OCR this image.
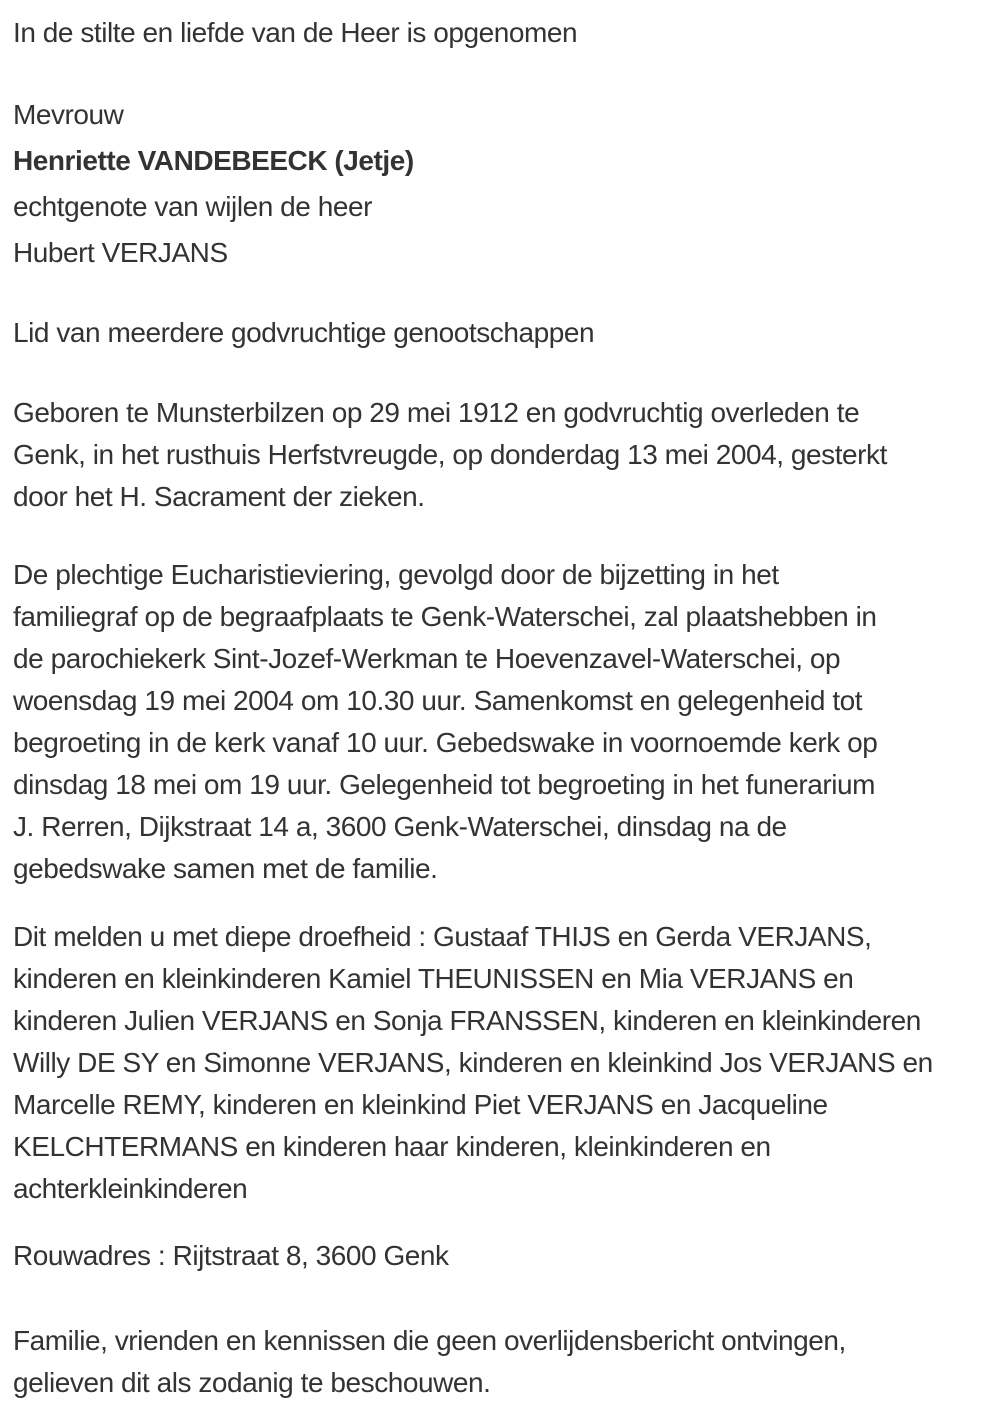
In de stilte en liefde van de Heer is opgenomen

Mevrouw

Henriette VANDEBEECK (Jetje)

echtgenote van wijlen de heer

Hubert VERJANS

Lid van meerdere godvruchtige genootschappen

Geboren te Munsterbilzen op 29 mei 1912 en godvruchtig overleden te
Genk, in het rusthuis Herfstvreugde, op donderdag 13 mei 2004, gesterkt
door het H. Sacrament der zieken.
De plechtige Eucharistieviering, gevolgd door de bijzetting in het
familiegraf op de begraafplaats te Genk-Waterschei, zal plaatshebben in
de parochiekerk Sint-Jozef-Werkman te Hoevenzavel-Waterschei, op
woensdag 19 mei 2004 om 10.30 uur. Samenkomst en gelegenheid tot
begroeting in de kerk vanaf 10 uur. Gebedswake in voornoemde kerk op
dinsdag 18 mei om 19 uur. Gelegenheid tot begroeting in het funerarium
J. Rerren, Dijkstraat 14 a, 3600 Genk-Waterschei, dinsdag na de
gebedswake samen met de familie.
Dit melden u met diepe droefheid : Gustaaf THIJS en Gerda VERJANS,
kinderen en kleinkinderen Kamiel THEUNISSEN en Mia VERJANS en
kinderen Julien VERJANS en Sonja FRANSSEN, kinderen en kleinkinderen
Willy DE SY en Simonne VERJANS, kinderen en kleinkind Jos VERJANS en
Marcelle REMY, kinderen en kleinkind Piet VERJANS en Jacqueline
KELCHTERMANS en kinderen haar kinderen, kleinkinderen en
achterkleinkinderen

Rouwadres : Rijtstraat 8, 3600 Genk

Familie, vrienden en kennissen die geen overlijdensbericht ontvingen,
gelieven dit als zodanig te beschouwen.
